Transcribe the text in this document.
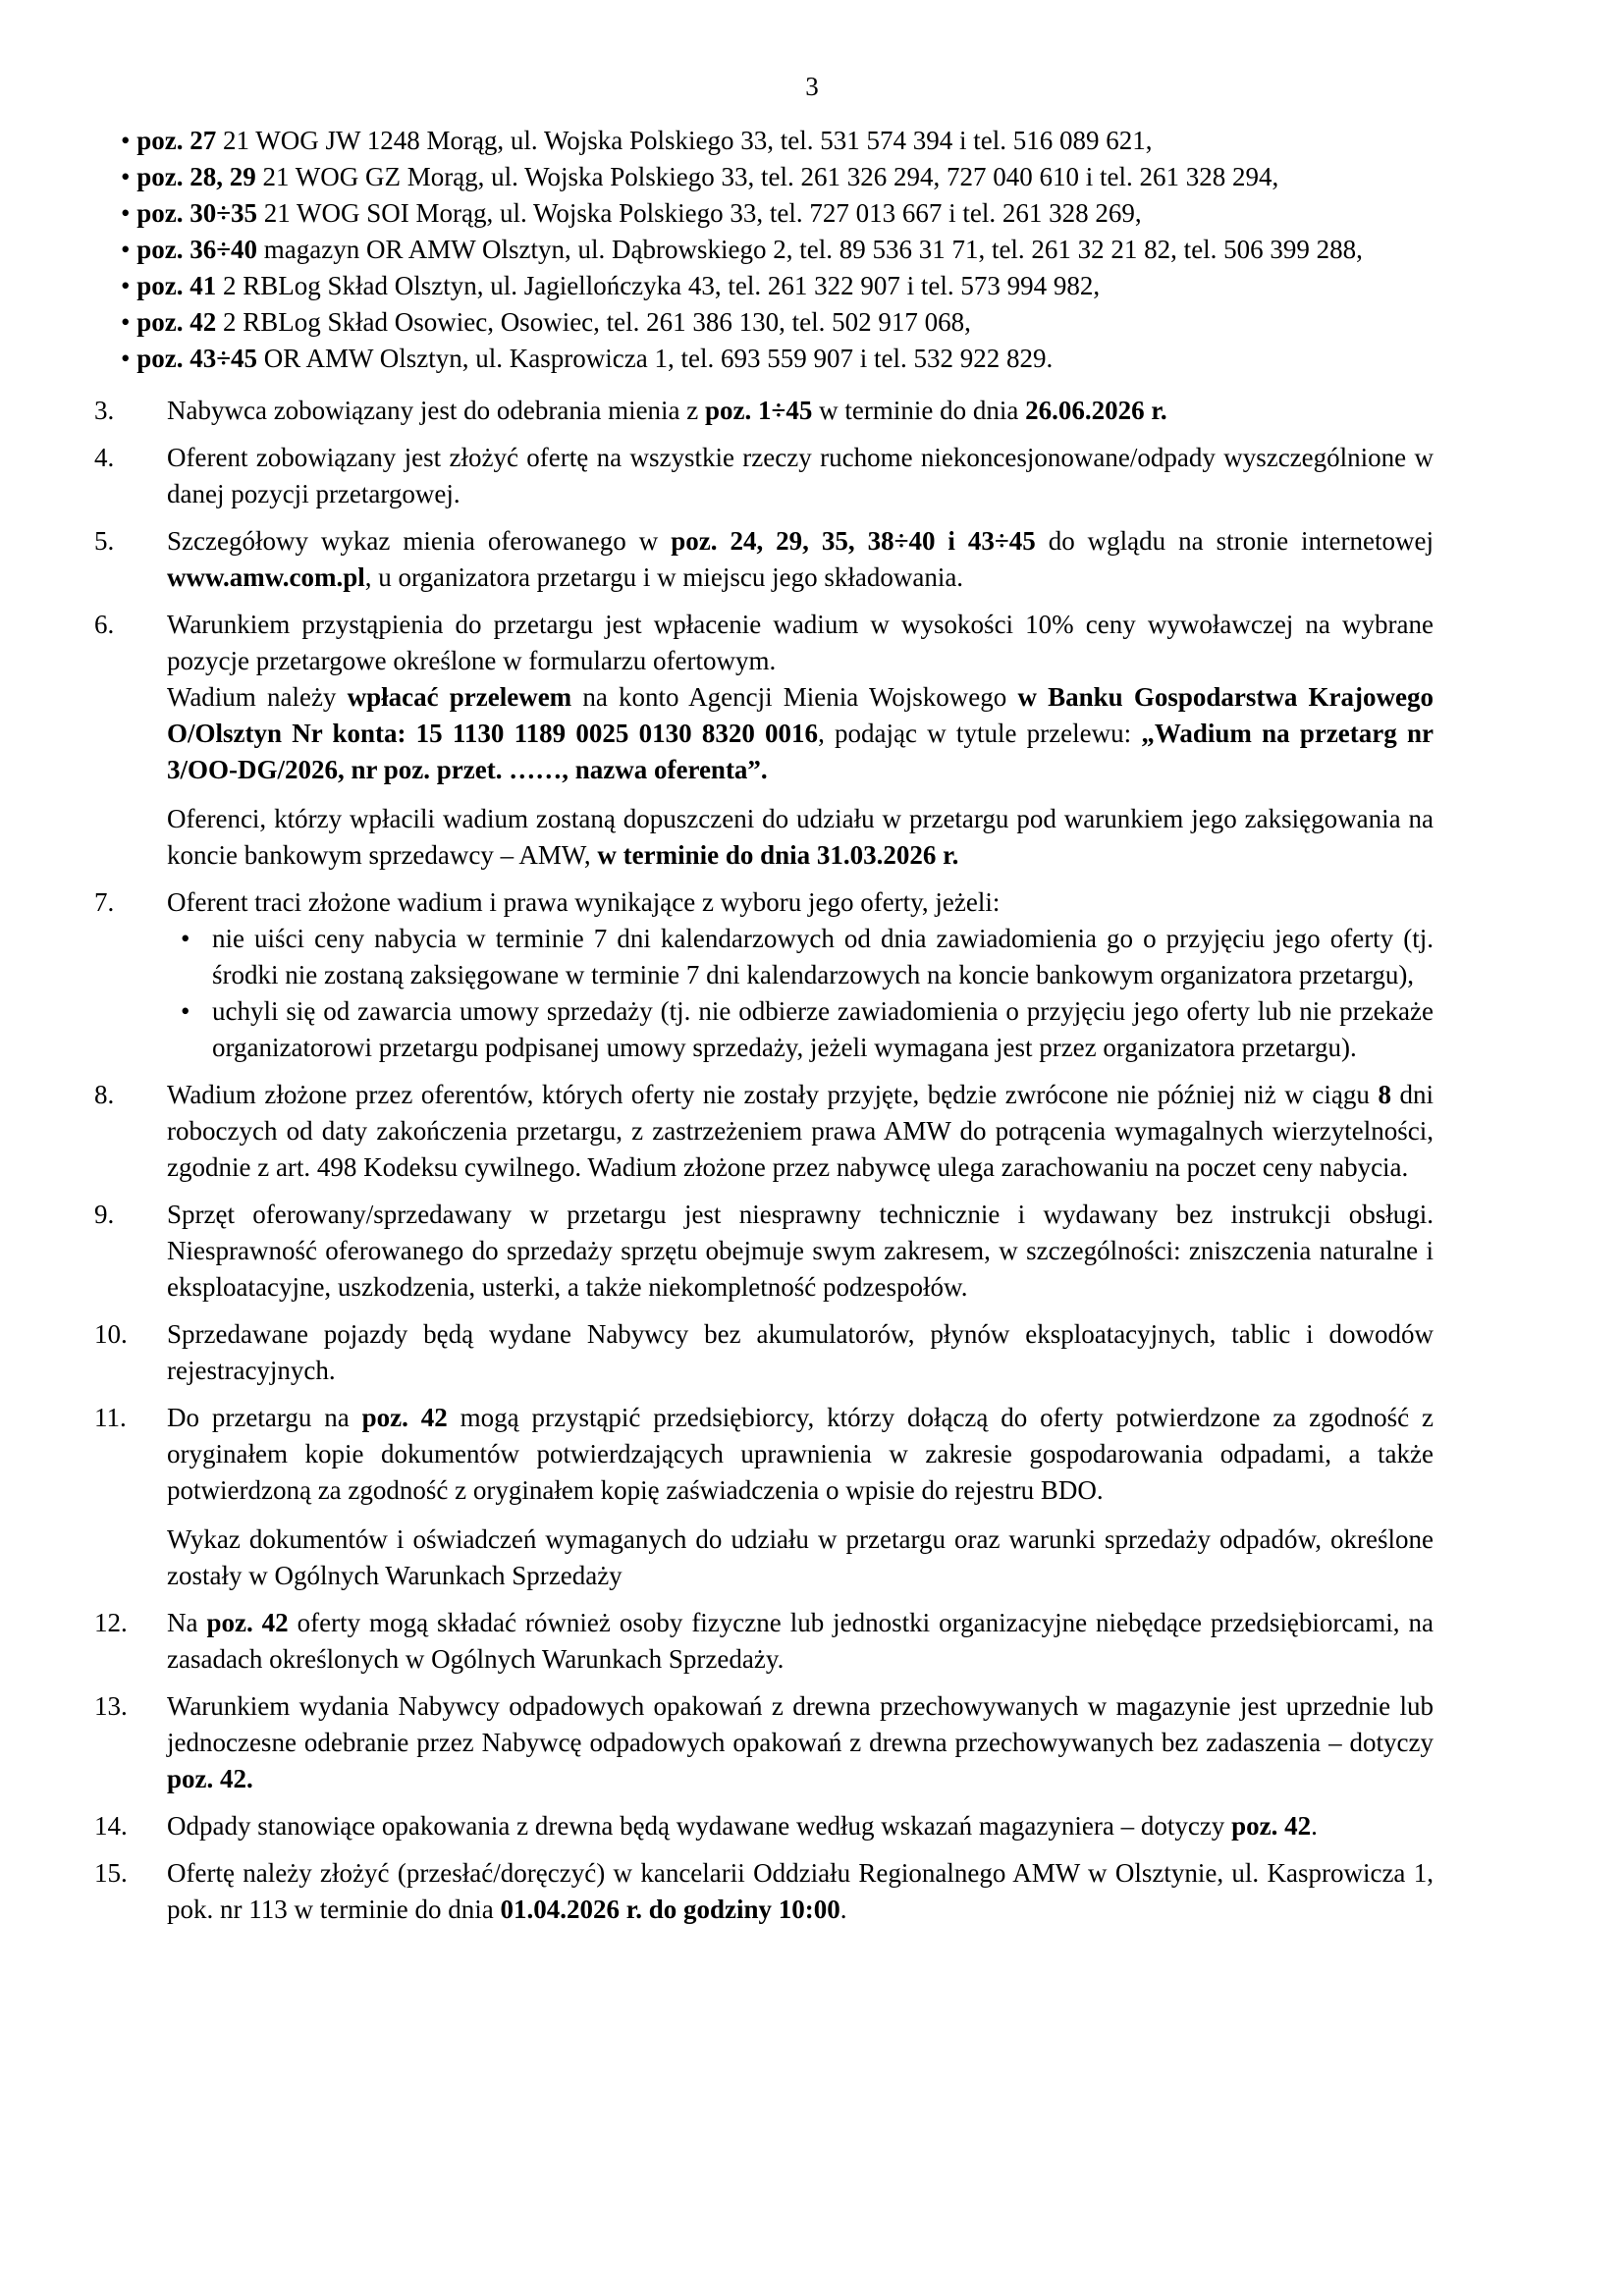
3
• poz. 27 21 WOG JW 1248 Morąg, ul. Wojska Polskiego 33, tel. 531 574 394 i tel. 516 089 621,
• poz. 28, 29 21 WOG GZ Morąg, ul. Wojska Polskiego 33, tel. 261 326 294, 727 040 610 i tel. 261 328 294,
• poz. 30÷35 21 WOG SOI Morąg, ul. Wojska Polskiego 33, tel. 727 013 667 i tel. 261 328 269,
• poz. 36÷40 magazyn OR AMW Olsztyn, ul. Dąbrowskiego 2, tel. 89 536 31 71, tel. 261 32 21 82, tel. 506 399 288,
• poz. 41 2 RBLog Skład Olsztyn, ul. Jagiellończyka 43, tel. 261 322 907 i tel. 573 994 982,
• poz. 42 2 RBLog Skład Osowiec, Osowiec, tel. 261 386 130, tel. 502 917 068,
• poz. 43÷45 OR AMW Olsztyn, ul. Kasprowicza 1, tel. 693 559 907 i tel. 532 922 829.
3.	Nabywca zobowiązany jest do odebrania mienia z poz. 1÷45 w terminie do dnia 26.06.2026 r.
4.	Oferent zobowiązany jest złożyć ofertę na wszystkie rzeczy ruchome niekoncesjonowane/odpady wyszczególnione w danej pozycji przetargowej.
5.	Szczegółowy wykaz mienia oferowanego w poz. 24, 29, 35, 38÷40 i 43÷45 do wglądu na stronie internetowej www.amw.com.pl, u organizatora przetargu i w miejscu jego składowania.
6.	Warunkiem przystąpienia do przetargu jest wpłacenie wadium w wysokości 10% ceny wywoławczej na wybrane pozycje przetargowe określone w formularzu ofertowym.
Wadium należy wpłacać przelewem na konto Agencji Mienia Wojskowego w Banku Gospodarstwa Krajowego O/Olsztyn Nr konta: 15 1130 1189 0025 0130 8320 0016, podając w tytule przelewu: „Wadium na przetarg nr 3/OO-DG/2026, nr poz. przet. ……, nazwa oferenta”.
Oferenci, którzy wpłacili wadium zostaną dopuszczeni do udziału w przetargu pod warunkiem jego zaksięgowania na koncie bankowym sprzedawcy – AMW, w terminie do dnia 31.03.2026 r.
7.	Oferent traci złożone wadium i prawa wynikające z wyboru jego oferty, jeżeli:
• nie uiści ceny nabycia w terminie 7 dni kalendarzowych od dnia zawiadomienia go o przyjęciu jego oferty (tj. środki nie zostaną zaksięgowane w terminie 7 dni kalendarzowych na koncie bankowym organizatora przetargu),
• uchyli się od zawarcia umowy sprzedaży (tj. nie odbierze zawiadomienia o przyjęciu jego oferty lub nie przekaże organizatorowi przetargu podpisanej umowy sprzedaży, jeżeli wymagana jest przez organizatora przetargu).
8.	Wadium złożone przez oferentów, których oferty nie zostały przyjęte, będzie zwrócone nie później niż w ciągu 8 dni roboczych od daty zakończenia przetargu, z zastrzeżeniem prawa AMW do potrącenia wymagalnych wierzytelności, zgodnie z art. 498 Kodeksu cywilnego. Wadium złożone przez nabywcę ulega zarachowaniu na poczet ceny nabycia.
9.	Sprzęt oferowany/sprzedawany w przetargu jest niesprawny technicznie i wydawany bez instrukcji obsługi. Niesprawność oferowanego do sprzedaży sprzętu obejmuje swym zakresem, w szczególności: zniszczenia naturalne i eksploatacyjne, uszkodzenia, usterki, a także niekompletność podzespołów.
10.	Sprzedawane pojazdy będą wydane Nabywcy bez akumulatorów, płynów eksploatacyjnych, tablic i dowodów rejestracyjnych.
11.	Do przetargu na poz. 42 mogą przystąpić przedsiębiorcy, którzy dołączą do oferty potwierdzone za zgodność z oryginałem kopie dokumentów potwierdzających uprawnienia w zakresie gospodarowania odpadami, a także potwierdzoną za zgodność z oryginałem kopię zaświadczenia o wpisie do rejestru BDO.
Wykaz dokumentów i oświadczeń wymaganych do udziału w przetargu oraz warunki sprzedaży odpadów, określone zostały w Ogólnych Warunkach Sprzedaży
12.	Na poz. 42 oferty mogą składać również osoby fizyczne lub jednostki organizacyjne niebędące przedsiębiorcami, na zasadach określonych w Ogólnych Warunkach Sprzedaży.
13.	Warunkiem wydania Nabywcy odpadowych opakowań z drewna przechowywanych w magazynie jest uprzednie lub jednoczesne odebranie przez Nabywcę odpadowych opakowań z drewna przechowywanych bez zadaszenia – dotyczy poz. 42.
14.	Odpady stanowiące opakowania z drewna będą wydawane według wskazań magazyniera – dotyczy poz. 42.
15.	Ofertę należy złożyć (przesłać/doręczyć) w kancelarii Oddziału Regionalnego AMW w Olsztynie, ul. Kasprowicza 1, pok. nr 113 w terminie do dnia 01.04.2026 r. do godziny 10:00.
